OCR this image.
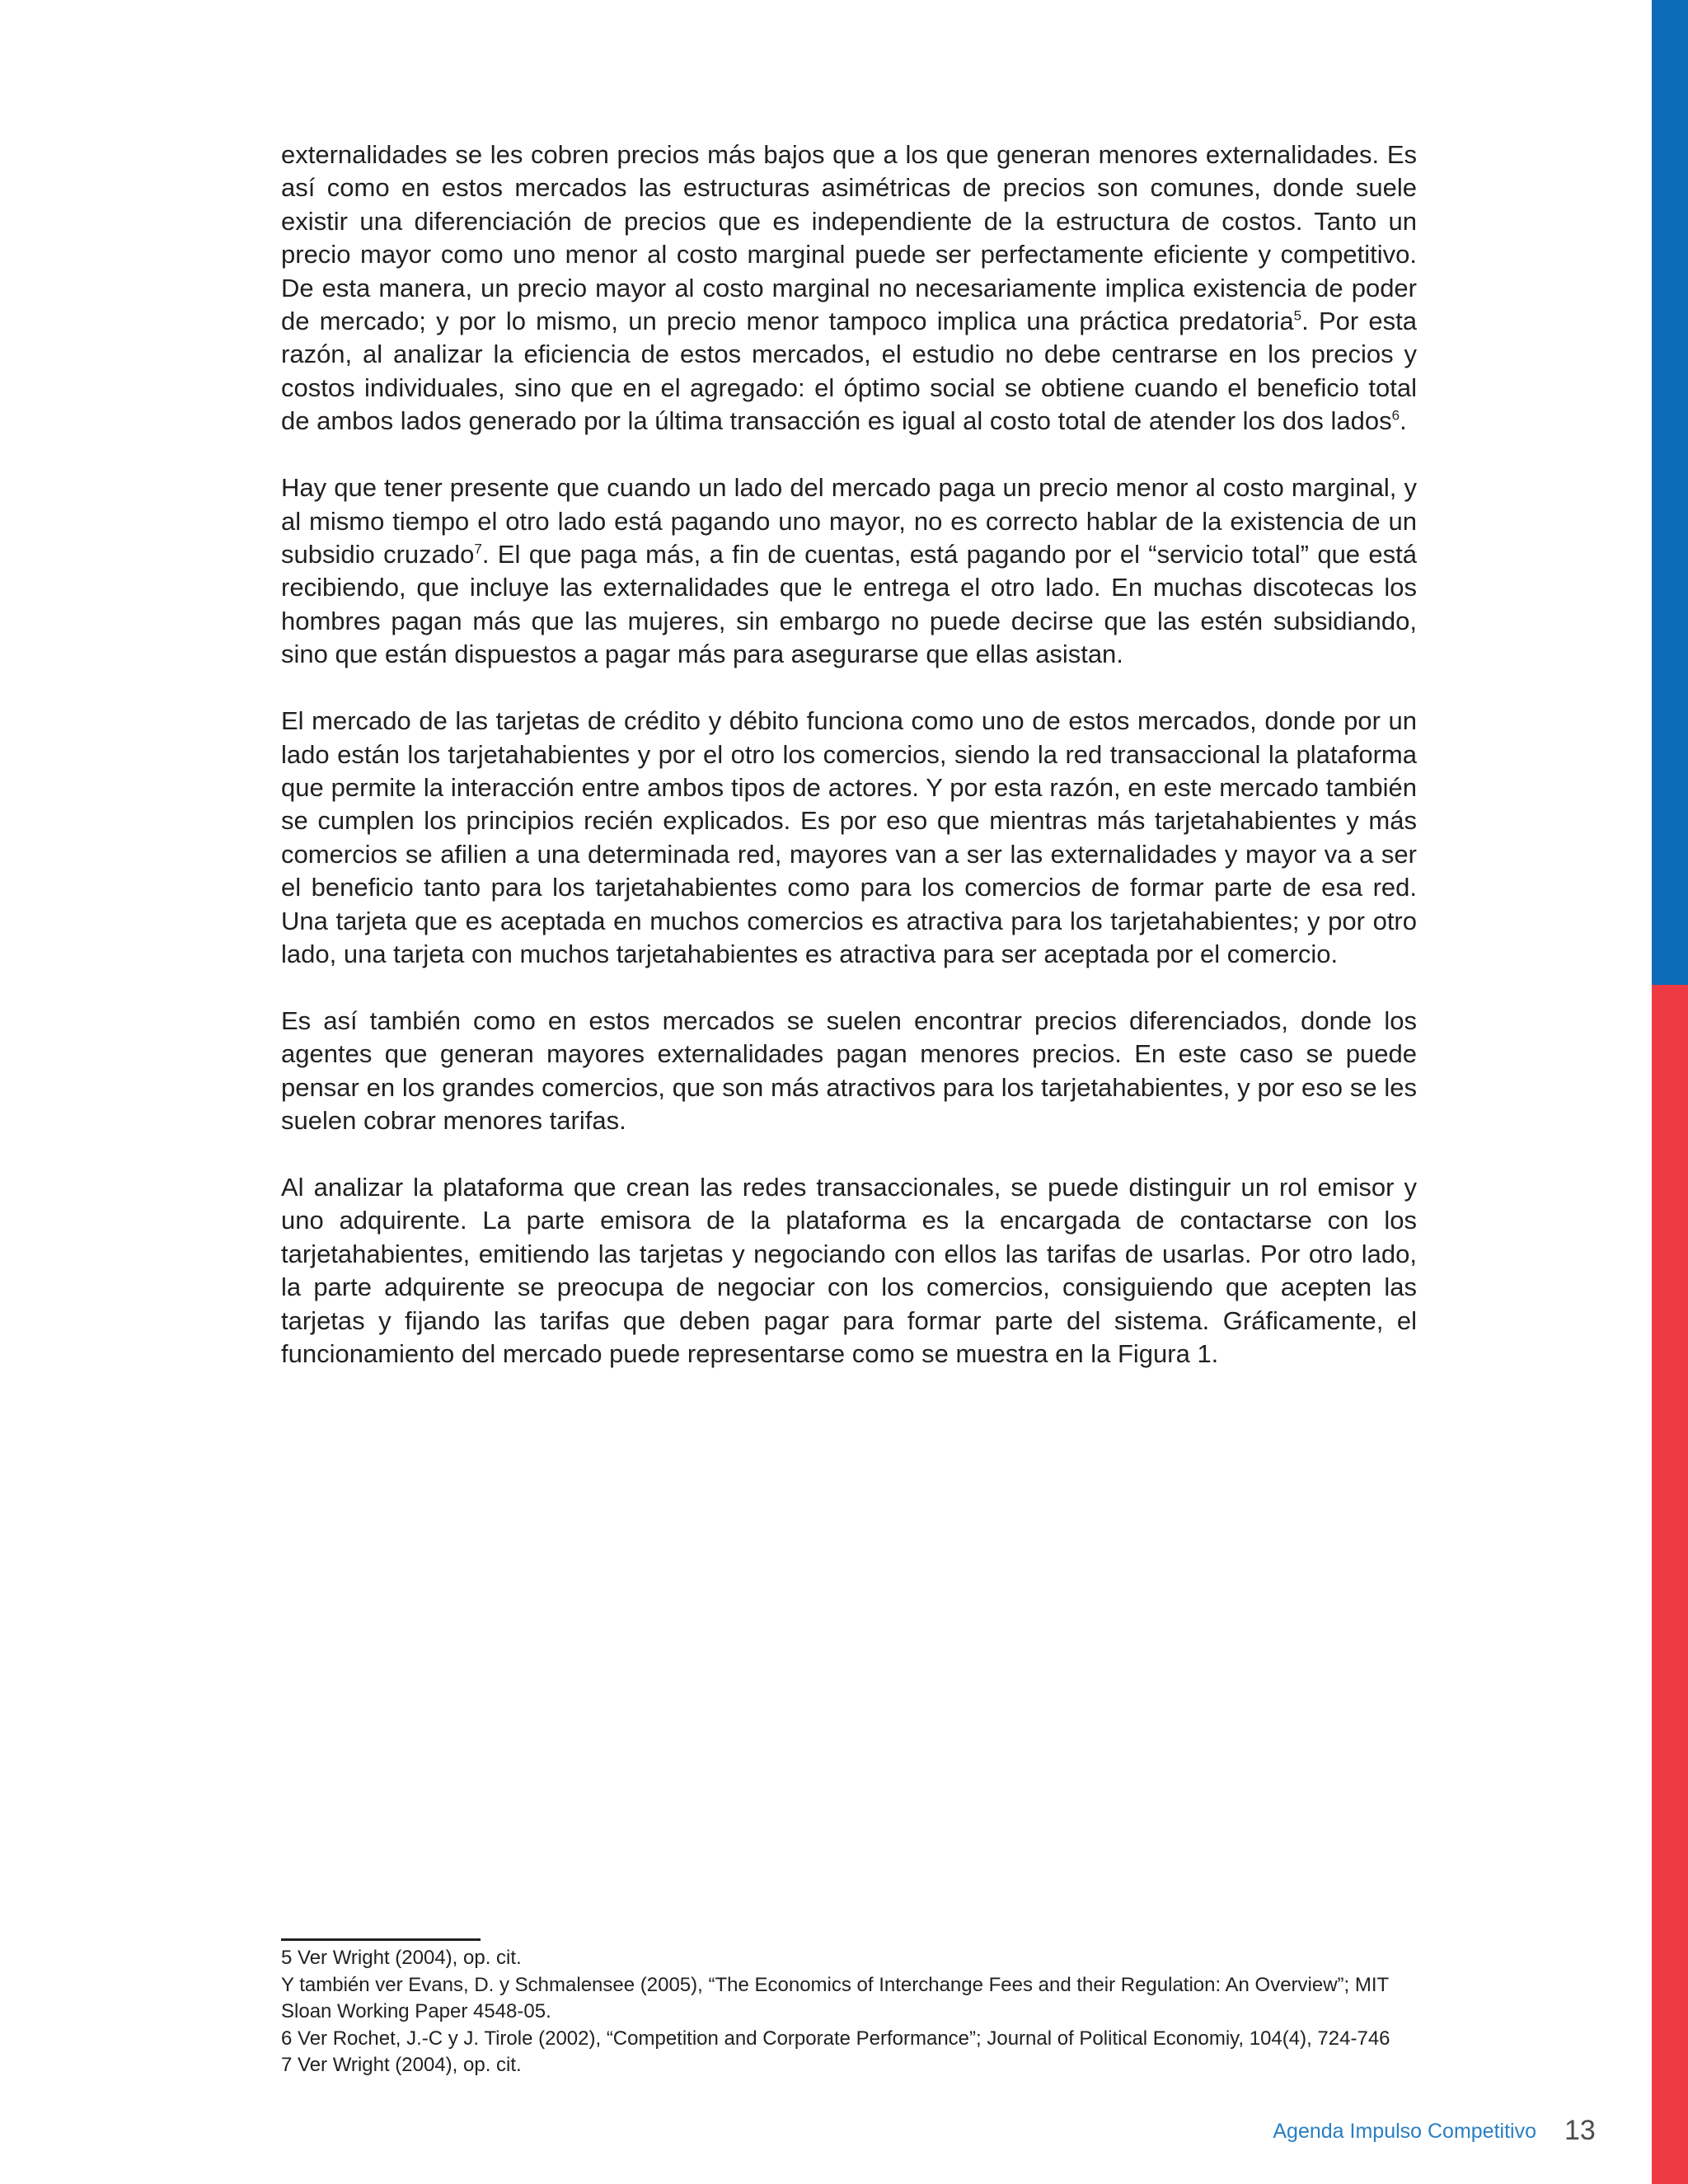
externalidades se les cobren precios más bajos que a los que generan menores externalidades. Es así como en estos mercados las estructuras asimétricas de precios son comunes, donde suele existir una diferenciación de precios que es independiente de la estructura de costos. Tanto un precio mayor como uno menor al costo marginal puede ser perfectamente eficiente y competitivo. De esta manera, un precio mayor al costo marginal no necesariamente implica existencia de poder de mercado; y por lo mismo, un precio menor tampoco implica una práctica predatoria$^5$. Por esta razón, al analizar la eficiencia de estos mercados, el estudio no debe centrarse en los precios y costos individuales, sino que en el agregado: el óptimo social se obtiene cuando el beneficio total de ambos lados generado por la última transacción es igual al costo total de atender los dos lados$^6$.

Hay que tener presente que cuando un lado del mercado paga un precio menor al costo marginal, y al mismo tiempo el otro lado está pagando uno mayor, no es correcto hablar de la existencia de un subsidio cruzado$^7$. El que paga más, a fin de cuentas, está pagando por el “servicio total” que está recibiendo, que incluye las externalidades que le entrega el otro lado. En muchas discotecas los hombres pagan más que las mujeres, sin embargo no puede decirse que las estén subsidiando, sino que están dispuestos a pagar más para asegurarse que ellas asistan.

El mercado de las tarjetas de crédito y débito funciona como uno de estos mercados, donde por un lado están los tarjetahabientes y por el otro los comercios, siendo la red transaccional la plataforma que permite la interacción entre ambos tipos de actores. Y por esta razón, en este mercado también se cumplen los principios recién explicados. Es por eso que mientras más tarjetahabientes y más comercios se afilien a una determinada red, mayores van a ser las externalidades y mayor va a ser el beneficio tanto para los tarjetahabientes como para los comercios de formar parte de esa red. Una tarjeta que es aceptada en muchos comercios es atractiva para los tarjetahabientes; y por otro lado, una tarjeta con muchos tarjetahabientes es atractiva para ser aceptada por el comercio.

Es así también como en estos mercados se suelen encontrar precios diferenciados, donde los agentes que generan mayores externalidades pagan menores precios. En este caso se puede pensar en los grandes comercios, que son más atractivos para los tarjetahabientes, y por eso se les suelen cobrar menores tarifas.

Al analizar la plataforma que crean las redes transaccionales, se puede distinguir un rol emisor y uno adquirente. La parte emisora de la plataforma es la encargada de contactarse con los tarjetahabientes, emitiendo las tarjetas y negociando con ellos las tarifas de usarlas. Por otro lado, la parte adquirente se preocupa de negociar con los comercios, consiguiendo que acepten las tarjetas y fijando las tarifas que deben pagar para formar parte del sistema. Gráficamente, el funcionamiento del mercado puede representarse como se muestra en la Figura 1.

5 Ver Wright (2004), op. cit.
Y también ver Evans, D. y Schmalensee (2005), “The Economics of Interchange Fees and their Regulation: An Overview”; MIT Sloan Working Paper 4548-05.
6 Ver Rochet, J.-C y J. Tirole (2002), “Competition and Corporate Performance”; Journal of Political Economiy, 104(4), 724-746
7 Ver Wright (2004), op. cit.
Agenda Impulso Competitivo 13
